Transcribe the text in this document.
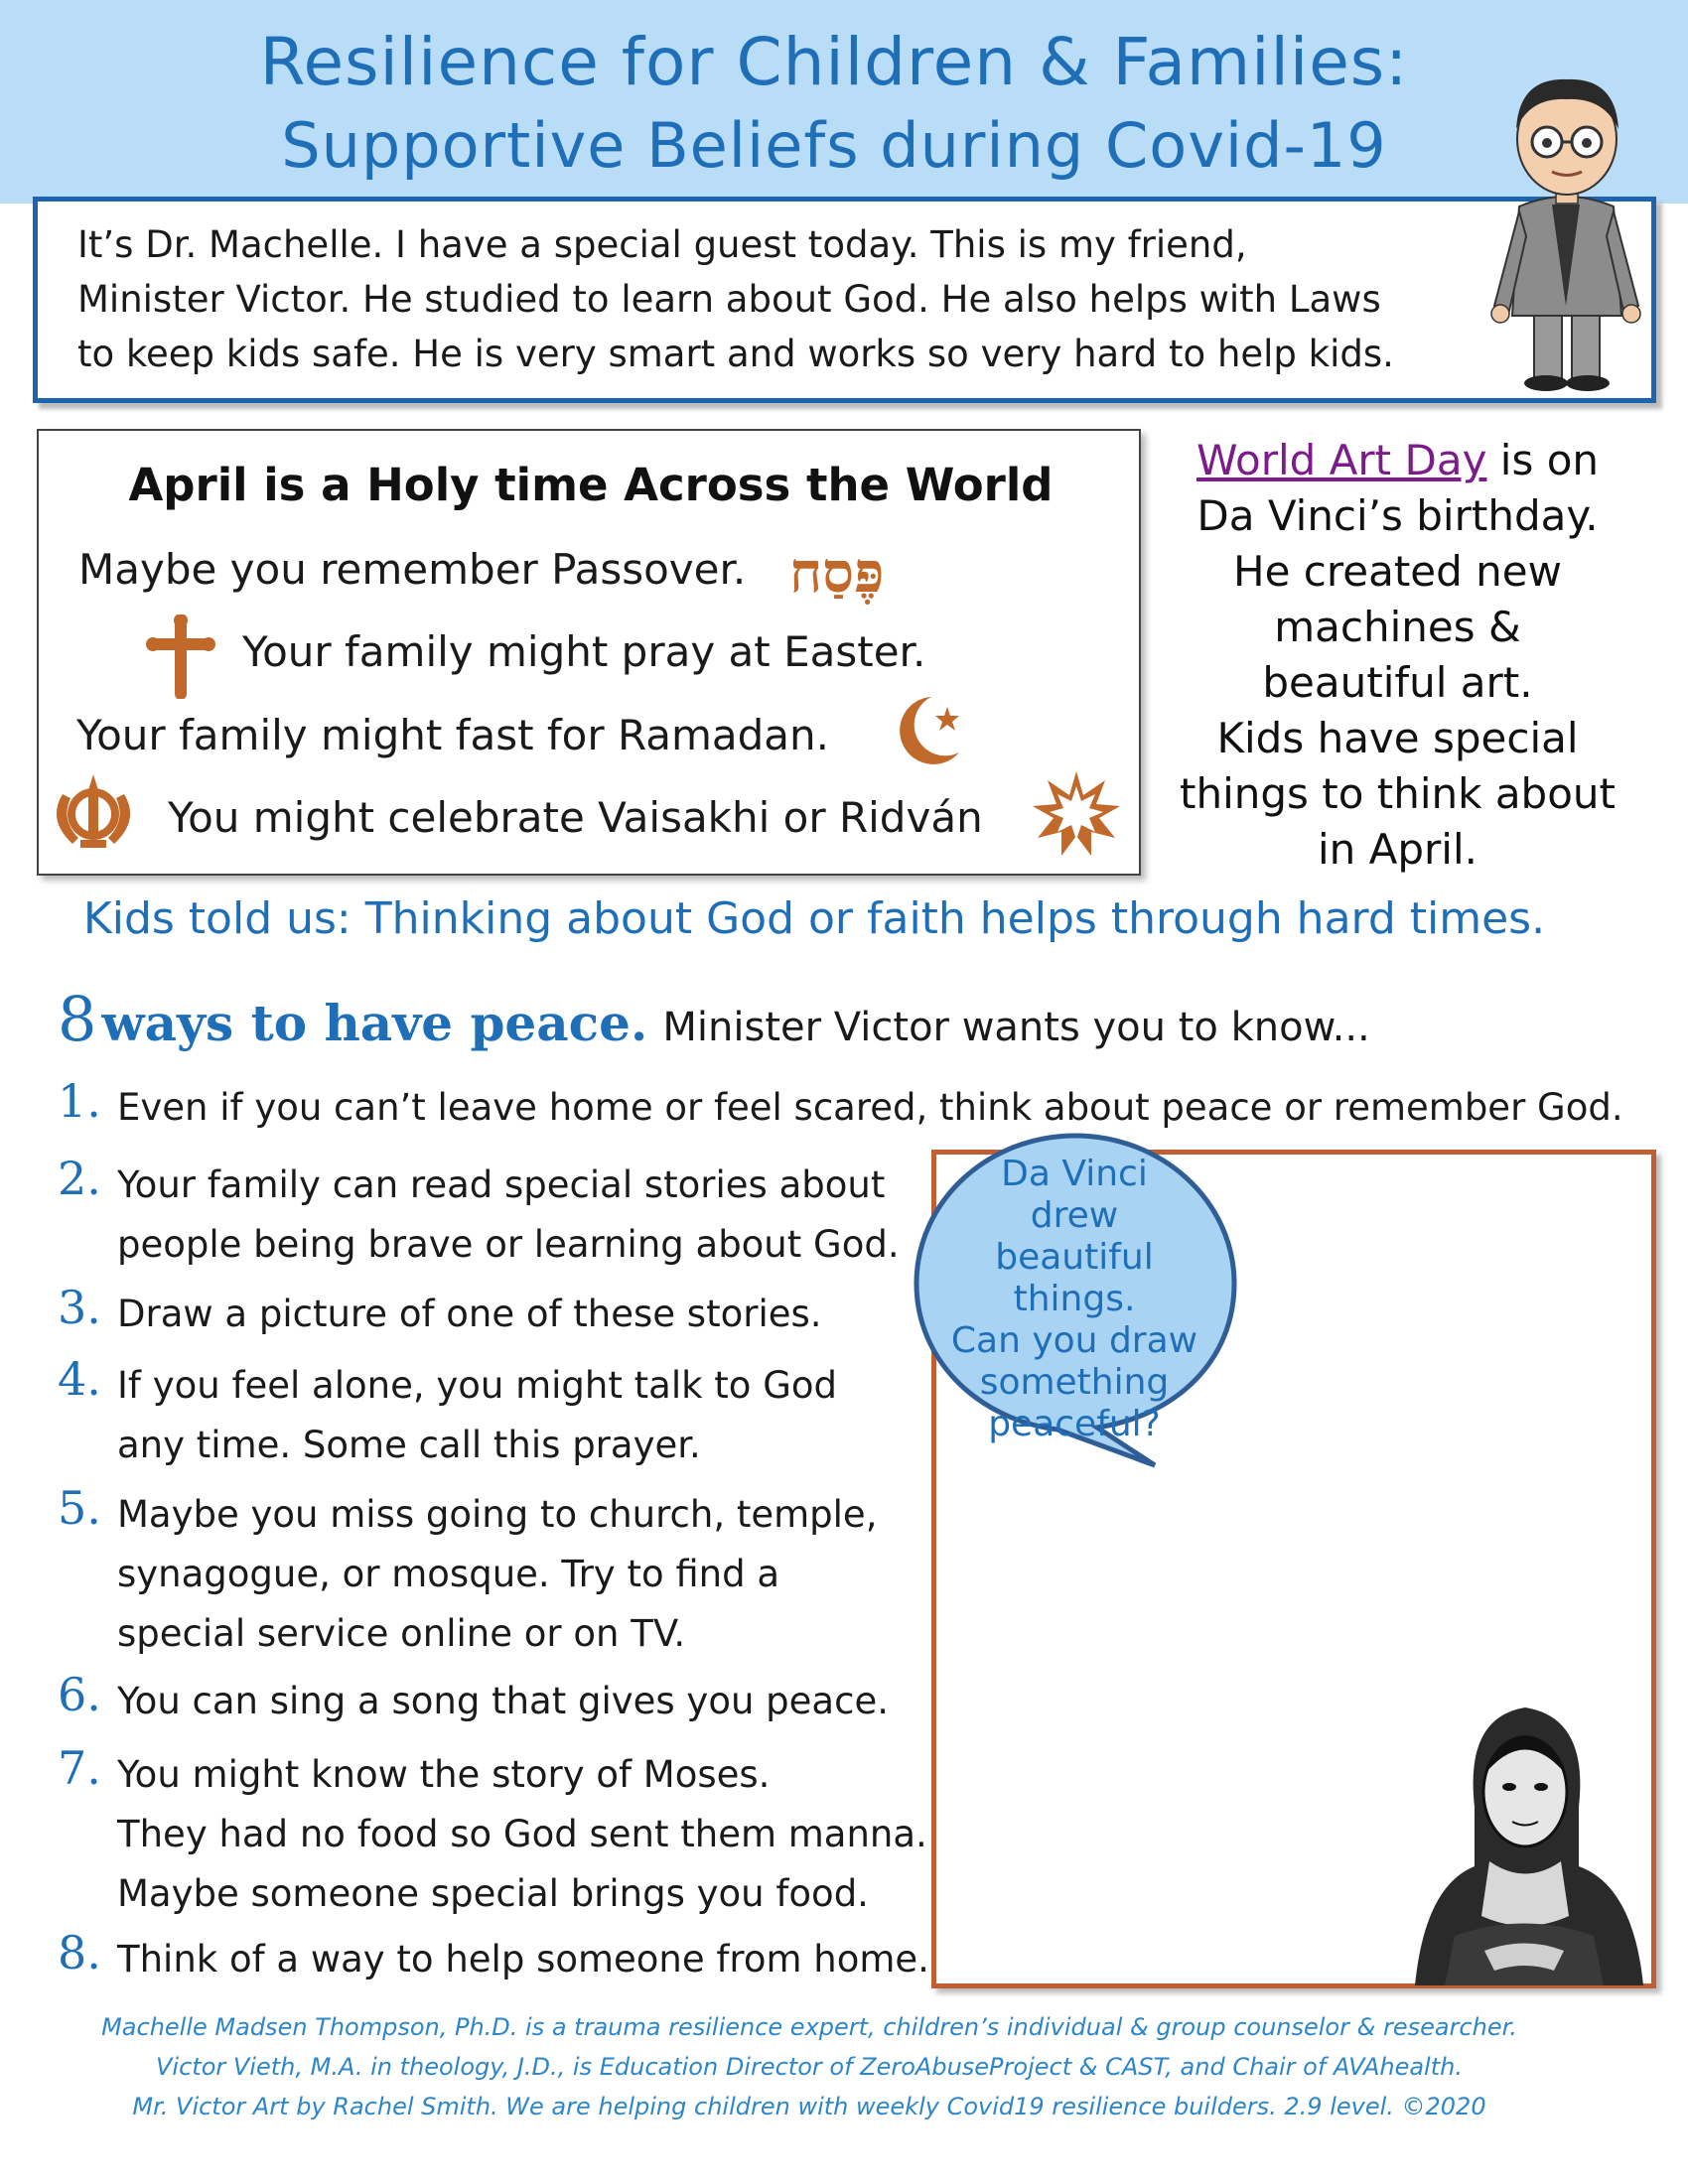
Resilience for Children & Families:
Supportive Beliefs during Covid-19
It’s Dr. Machelle. I have a special guest today. This is my friend,
Minister Victor. He studied to learn about God. He also helps with Laws
to keep kids safe. He is very smart and works so very hard to help kids.
April is a Holy time Across the World
Maybe you remember Passover. פֶּסַח
Your family might pray at Easter.
Your family might fast for Ramadan.
You might celebrate Vaisakhi or Ridván
World Art Day is on
Da Vinci’s birthday.
He created new
machines &
beautiful art.
Kids have special
things to think about
in April.
Kids told us: Thinking about God or faith helps through hard times.
8 ways to have peace. Minister Victor wants you to know...
1. Even if you can’t leave home or feel scared, think about peace or remember God.
2. Your family can read special stories about
people being brave or learning about God.
3. Draw a picture of one of these stories.
4. If you feel alone, you might talk to God
any time. Some call this prayer.
5. Maybe you miss going to church, temple,
synagogue, or mosque. Try to find a
special service online or on TV.
6. You can sing a song that gives you peace.
7. You might know the story of Moses.
They had no food so God sent them manna.
Maybe someone special brings you food.
8. Think of a way to help someone from home.
Da Vinci
drew
beautiful
things.
Can you draw
something
peaceful?
Machelle Madsen Thompson, Ph.D. is a trauma resilience expert, children’s individual & group counselor & researcher.
Victor Vieth, M.A. in theology, J.D., is Education Director of ZeroAbuseProject & CAST, and Chair of AVAhealth.
Mr. Victor Art by Rachel Smith. We are helping children with weekly Covid19 resilience builders. 2.9 level. ©2020
